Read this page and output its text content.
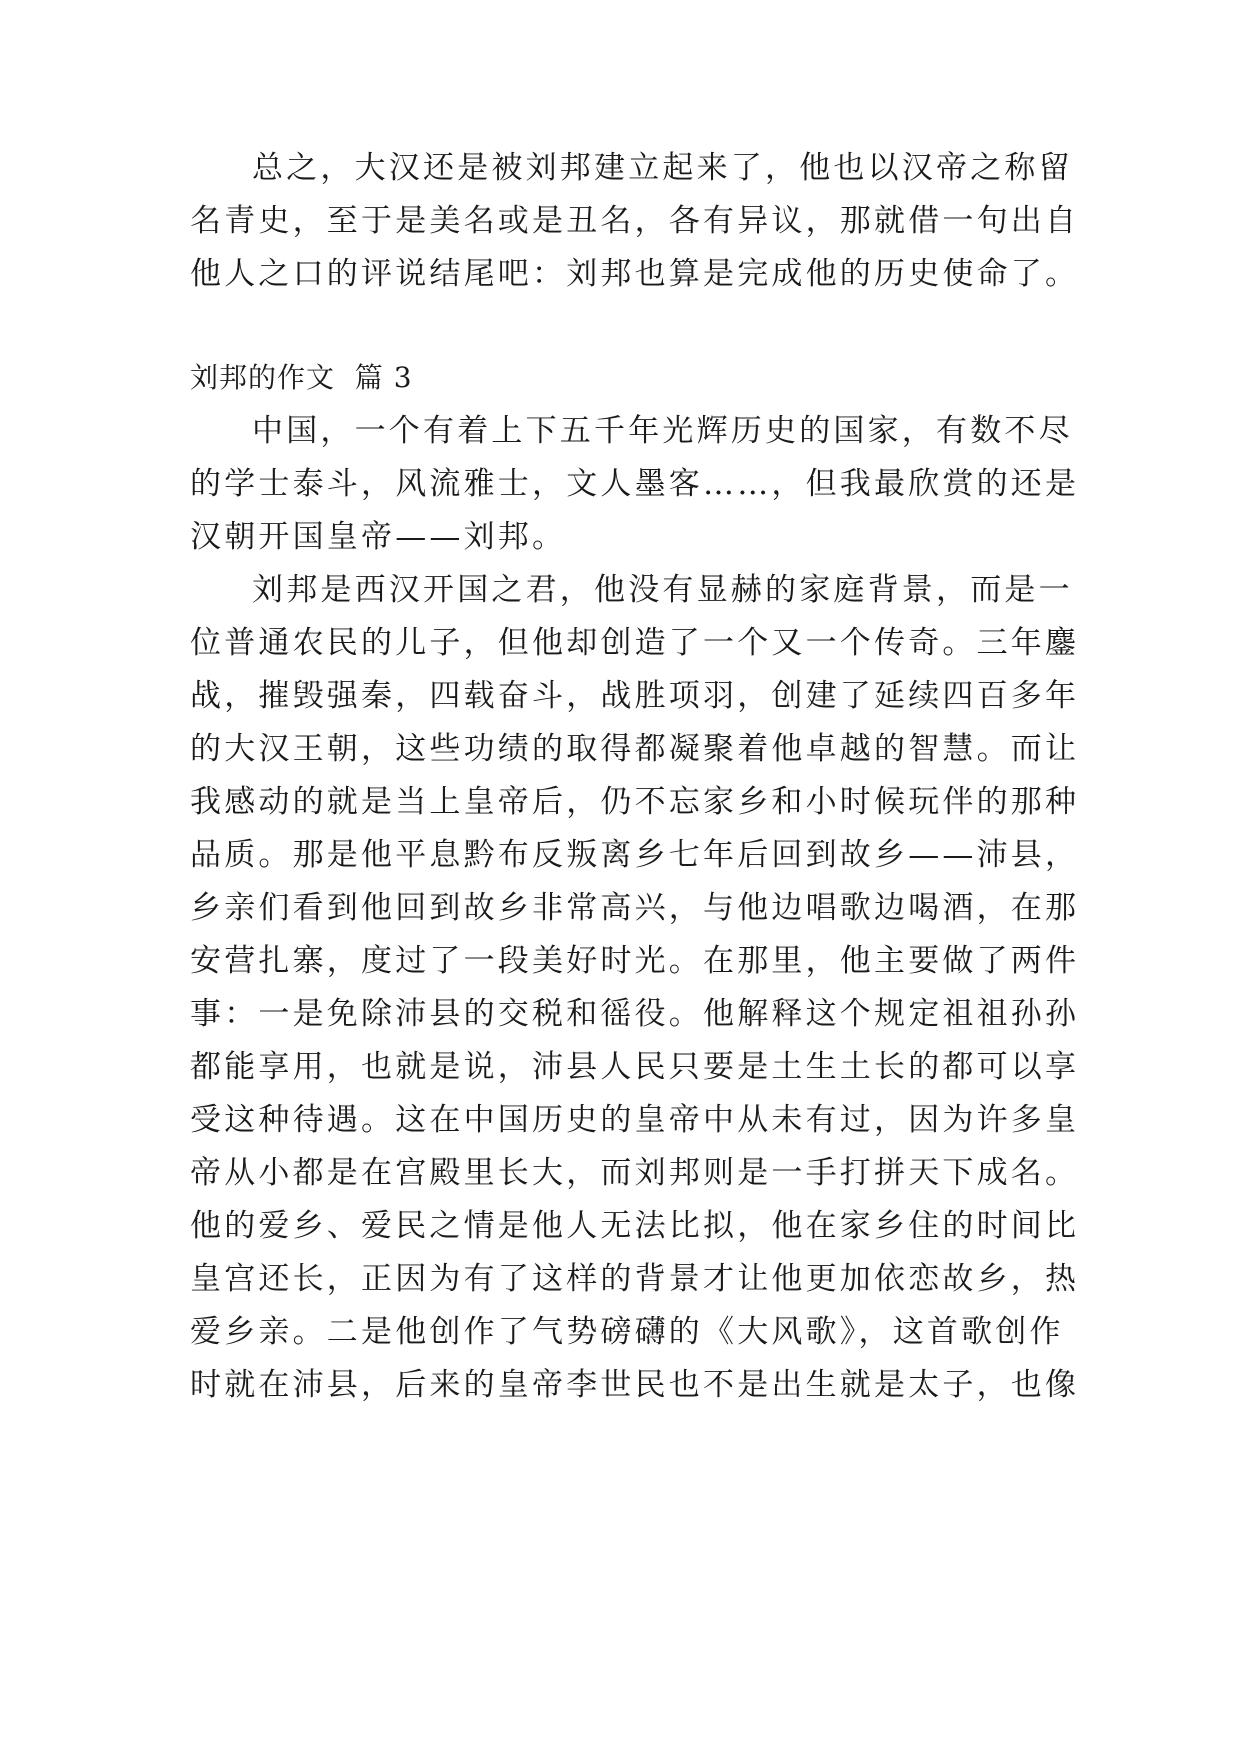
总之，大汉还是被刘邦建立起来了，他也以汉帝之称留
名青史，至于是美名或是丑名，各有异议，那就借一句出自
他人之口的评说结尾吧：刘邦也算是完成他的历史使命了。
刘邦的作文  篇 3
中国，一个有着上下五千年光辉历史的国家，有数不尽
的学士泰斗，风流雅士，文人墨客……，但我最欣赏的还是
汉朝开国皇帝——刘邦。
刘邦是西汉开国之君，他没有显赫的家庭背景，而是一
位普通农民的儿子，但他却创造了一个又一个传奇。三年鏖
战，摧毁强秦，四载奋斗，战胜项羽，创建了延续四百多年
的大汉王朝，这些功绩的取得都凝聚着他卓越的智慧。而让
我感动的就是当上皇帝后，仍不忘家乡和小时候玩伴的那种
品质。那是他平息黔布反叛离乡七年后回到故乡——沛县，
乡亲们看到他回到故乡非常高兴，与他边唱歌边喝酒，在那
安营扎寨，度过了一段美好时光。在那里，他主要做了两件
事：一是免除沛县的交税和徭役。他解释这个规定祖祖孙孙
都能享用，也就是说，沛县人民只要是土生土长的都可以享
受这种待遇。这在中国历史的皇帝中从未有过，因为许多皇
帝从小都是在宫殿里长大，而刘邦则是一手打拼天下成名。
他的爱乡、爱民之情是他人无法比拟，他在家乡住的时间比
皇宫还长，正因为有了这样的背景才让他更加依恋故乡，热
爱乡亲。二是他创作了气势磅礴的《大风歌》，这首歌创作
时就在沛县，后来的皇帝李世民也不是出生就是太子，也像
